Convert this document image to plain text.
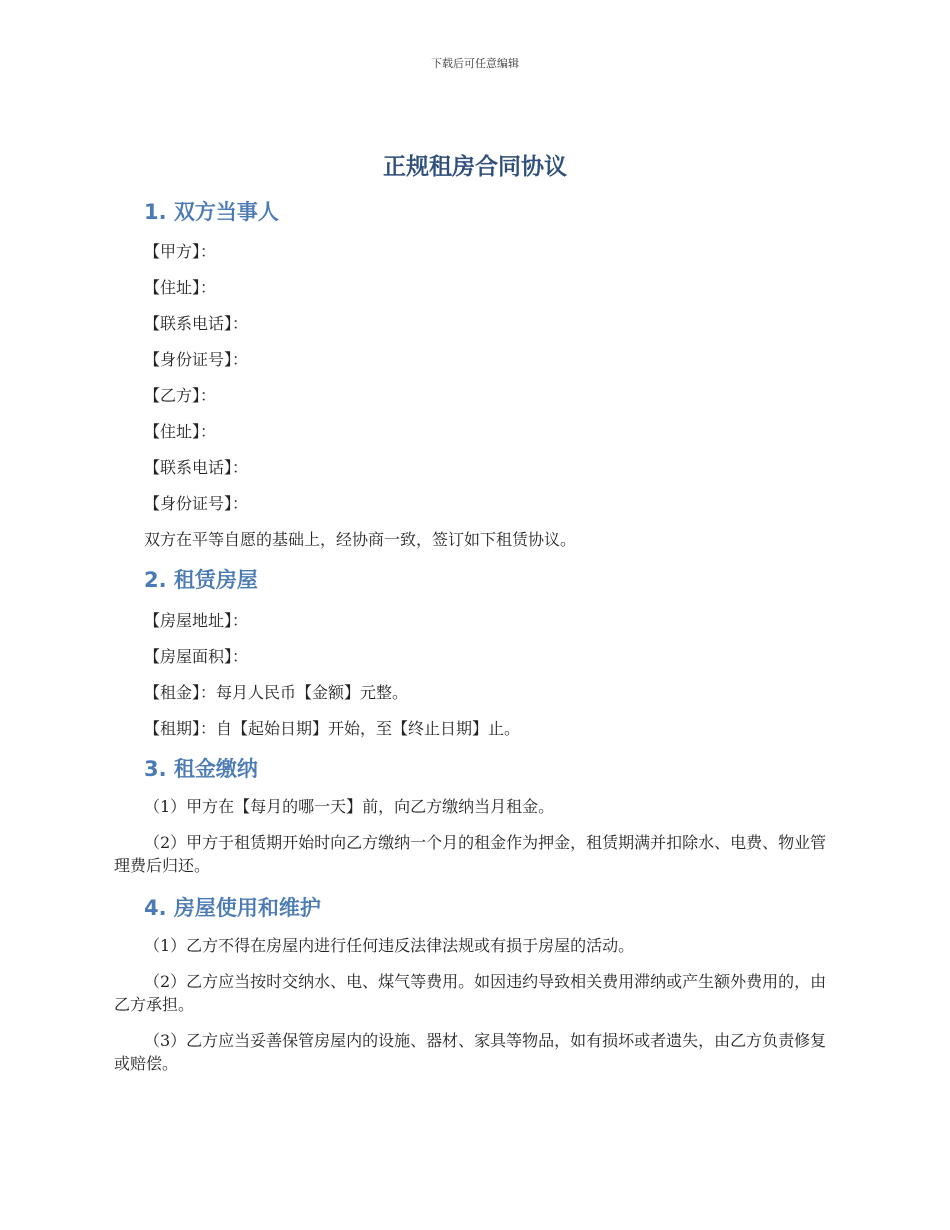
下载后可任意编辑
正规租房合同协议
1. 双方当事人

【甲方】：

【住址】：

【联系电话】：

【身份证号】：

【乙方】：

【住址】：

【联系电话】：

【身份证号】：

双方在平等自愿的基础上，经协商一致，签订如下租赁协议。

2. 租赁房屋

【房屋地址】：

【房屋面积】：

【租金】：每月人民币【金额】元整。

【租期】：自【起始日期】开始，至【终止日期】止。

3. 租金缴纳

（1）甲方在【每月的哪一天】前，向乙方缴纳当月租金。

（2）甲方于租赁期开始时向乙方缴纳一个月的租金作为押金，租赁期满并扣除水、电费、物业管理费后归还。

4. 房屋使用和维护

（1）乙方不得在房屋内进行任何违反法律法规或有损于房屋的活动。

（2）乙方应当按时交纳水、电、煤气等费用。如因违约导致相关费用滞纳或产生额外费用的，由乙方承担。

（3）乙方应当妥善保管房屋内的设施、器材、家具等物品，如有损坏或者遗失，由乙方负责修复或赔偿。
